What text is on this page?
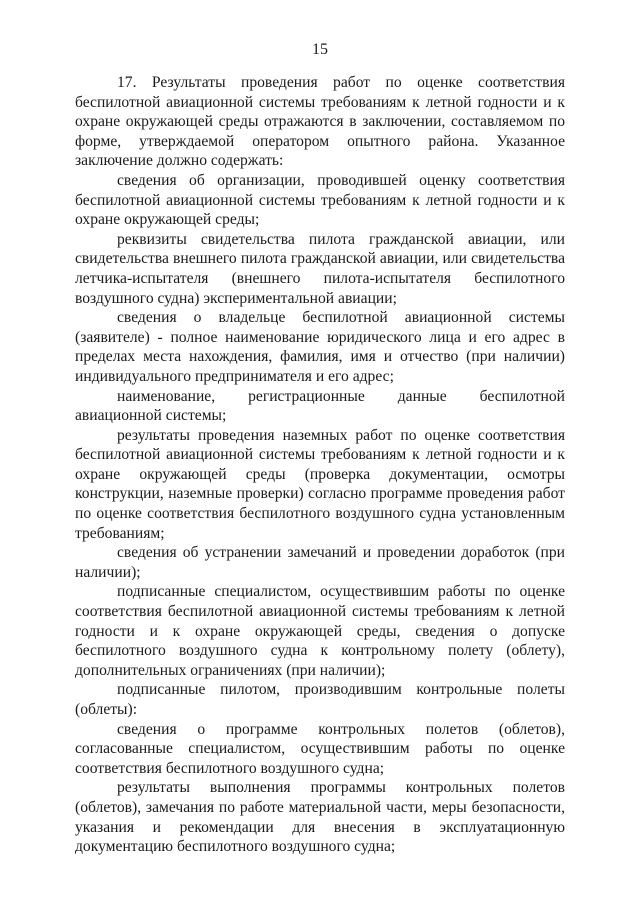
15

17. Результаты проведения работ по оценке соответствия беспилотной авиационной системы требованиям к летной годности и к охране окружающей среды отражаются в заключении, составляемом по форме, утверждаемой оператором опытного района. Указанное заключение должно содержать:

сведения об организации, проводившей оценку соответствия беспилотной авиационной системы требованиям к летной годности и к охране окружающей среды;

реквизиты свидетельства пилота гражданской авиации, или свидетельства внешнего пилота гражданской авиации, или свидетельства летчика-испытателя (внешнего пилота-испытателя беспилотного воздушного судна) экспериментальной авиации;

сведения о владельце беспилотной авиационной системы (заявителе) - полное наименование юридического лица и его адрес в пределах места нахождения, фамилия, имя и отчество (при наличии) индивидуального предпринимателя и его адрес;

наименование, регистрационные данные беспилотной авиационной системы;

результаты проведения наземных работ по оценке соответствия беспилотной авиационной системы требованиям к летной годности и к охране окружающей среды (проверка документации, осмотры конструкции, наземные проверки) согласно программе проведения работ по оценке соответствия беспилотного воздушного судна установленным требованиям;

сведения об устранении замечаний и проведении доработок (при наличии);

подписанные специалистом, осуществившим работы по оценке соответствия беспилотной авиационной системы требованиям к летной годности и к охране окружающей среды, сведения о допуске беспилотного воздушного судна к контрольному полету (облету), дополнительных ограничениях (при наличии);

подписанные пилотом, производившим контрольные полеты (облеты):

сведения о программе контрольных полетов (облетов), согласованные специалистом, осуществившим работы по оценке соответствия беспилотного воздушного судна;

результаты выполнения программы контрольных полетов (облетов), замечания по работе материальной части, меры безопасности, указания и рекомендации для внесения в эксплуатационную документацию беспилотного воздушного судна;
